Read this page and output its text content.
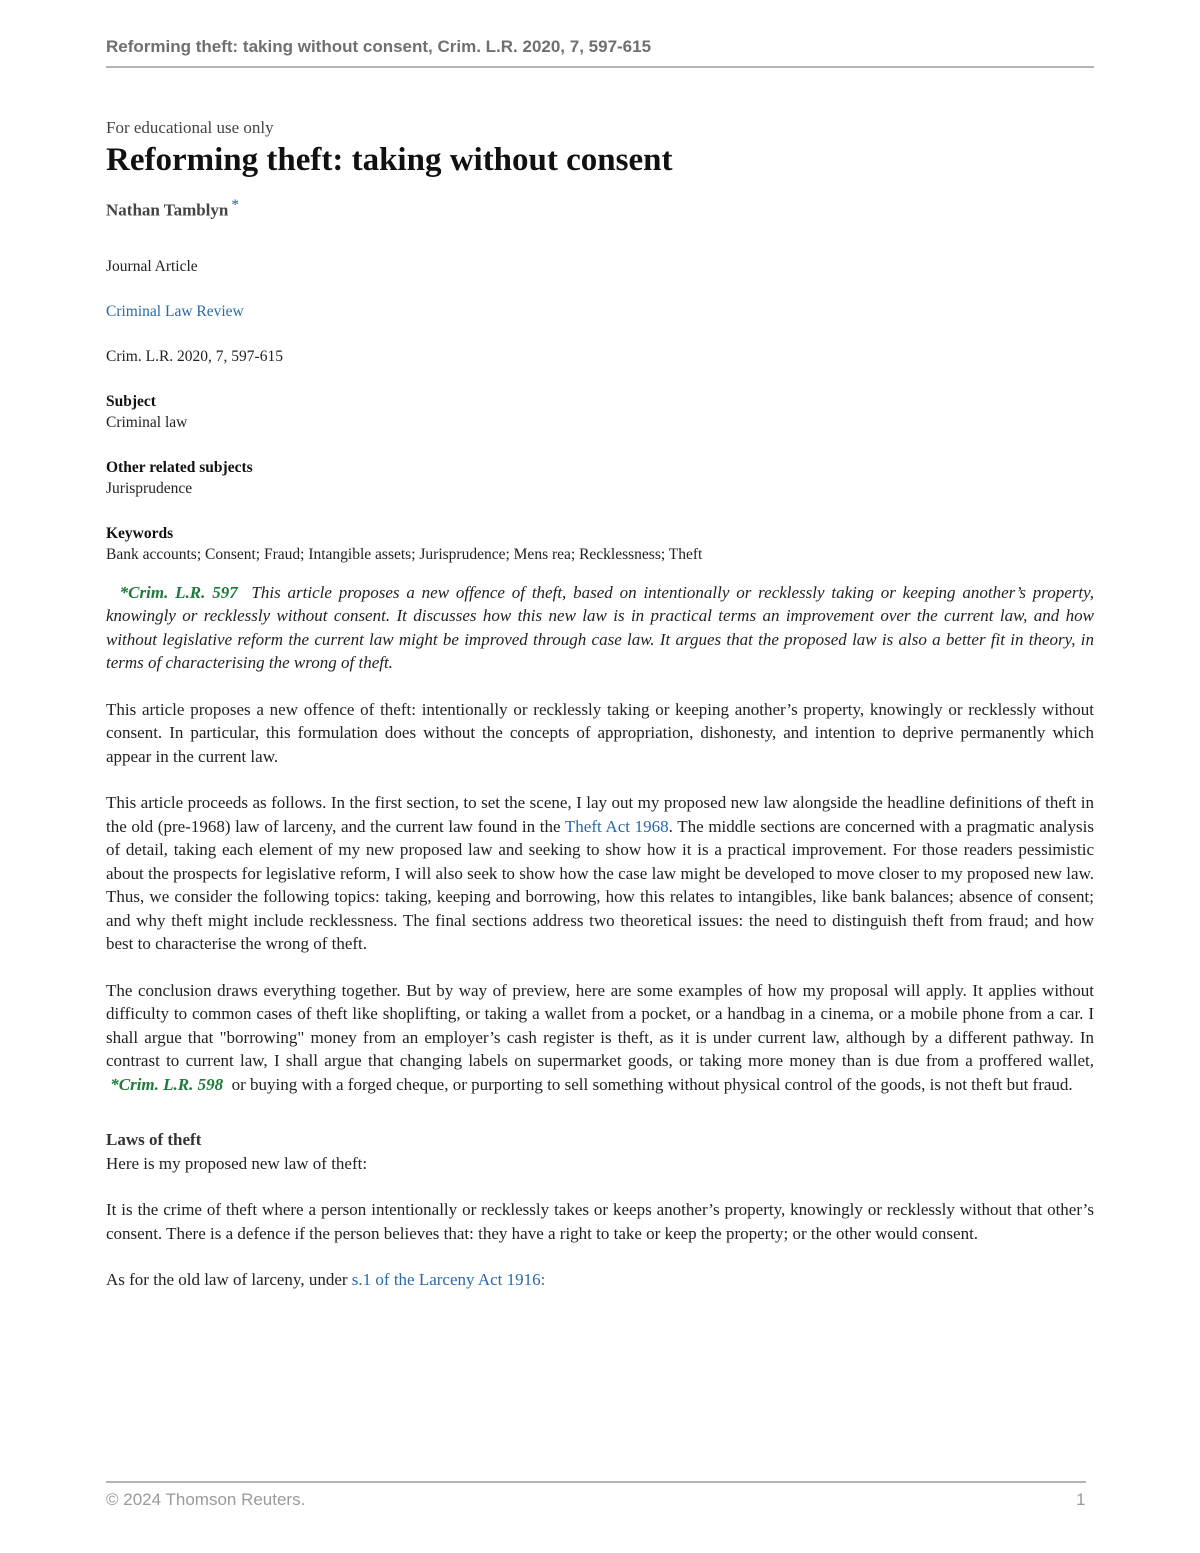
Reforming theft: taking without consent, Crim. L.R. 2020, 7, 597-615
For educational use only
Reforming theft: taking without consent
Nathan Tamblyn *
Journal Article
Criminal Law Review
Crim. L.R. 2020, 7, 597-615
Subject
Criminal law
Other related subjects
Jurisprudence
Keywords
Bank accounts; Consent; Fraud; Intangible assets; Jurisprudence; Mens rea; Recklessness; Theft
*Crim. L.R. 597 This article proposes a new offence of theft, based on intentionally or recklessly taking or keeping another’s property, knowingly or recklessly without consent. It discusses how this new law is in practical terms an improvement over the current law, and how without legislative reform the current law might be improved through case law. It argues that the proposed law is also a better fit in theory, in terms of characterising the wrong of theft.

This article proposes a new offence of theft: intentionally or recklessly taking or keeping another’s property, knowingly or recklessly without consent. In particular, this formulation does without the concepts of appropriation, dishonesty, and intention to deprive permanently which appear in the current law.

This article proceeds as follows. In the first section, to set the scene, I lay out my proposed new law alongside the headline definitions of theft in the old (pre-1968) law of larceny, and the current law found in the Theft Act 1968. The middle sections are concerned with a pragmatic analysis of detail, taking each element of my new proposed law and seeking to show how it is a practical improvement. For those readers pessimistic about the prospects for legislative reform, I will also seek to show how the case law might be developed to move closer to my proposed new law. Thus, we consider the following topics: taking, keeping and borrowing, how this relates to intangibles, like bank balances; absence of consent; and why theft might include recklessness. The final sections address two theoretical issues: the need to distinguish theft from fraud; and how best to characterise the wrong of theft.

The conclusion draws everything together. But by way of preview, here are some examples of how my proposal will apply. It applies without difficulty to common cases of theft like shoplifting, or taking a wallet from a pocket, or a handbag in a cinema, or a mobile phone from a car. I shall argue that "borrowing" money from an employer’s cash register is theft, as it is under current law, although by a different pathway. In contrast to current law, I shall argue that changing labels on supermarket goods, or taking more money than is due from a proffered wallet,  *Crim. L.R. 598  or buying with a forged cheque, or purporting to sell something without physical control of the goods, is not theft but fraud.

Laws of theft

Here is my proposed new law of theft:

It is the crime of theft where a person intentionally or recklessly takes or keeps another’s property, knowingly or recklessly without that other’s consent. There is a defence if the person believes that: they have a right to take or keep the property; or the other would consent.

As for the old law of larceny, under s.1 of the Larceny Act 1916:

© 2024 Thomson Reuters.	1
